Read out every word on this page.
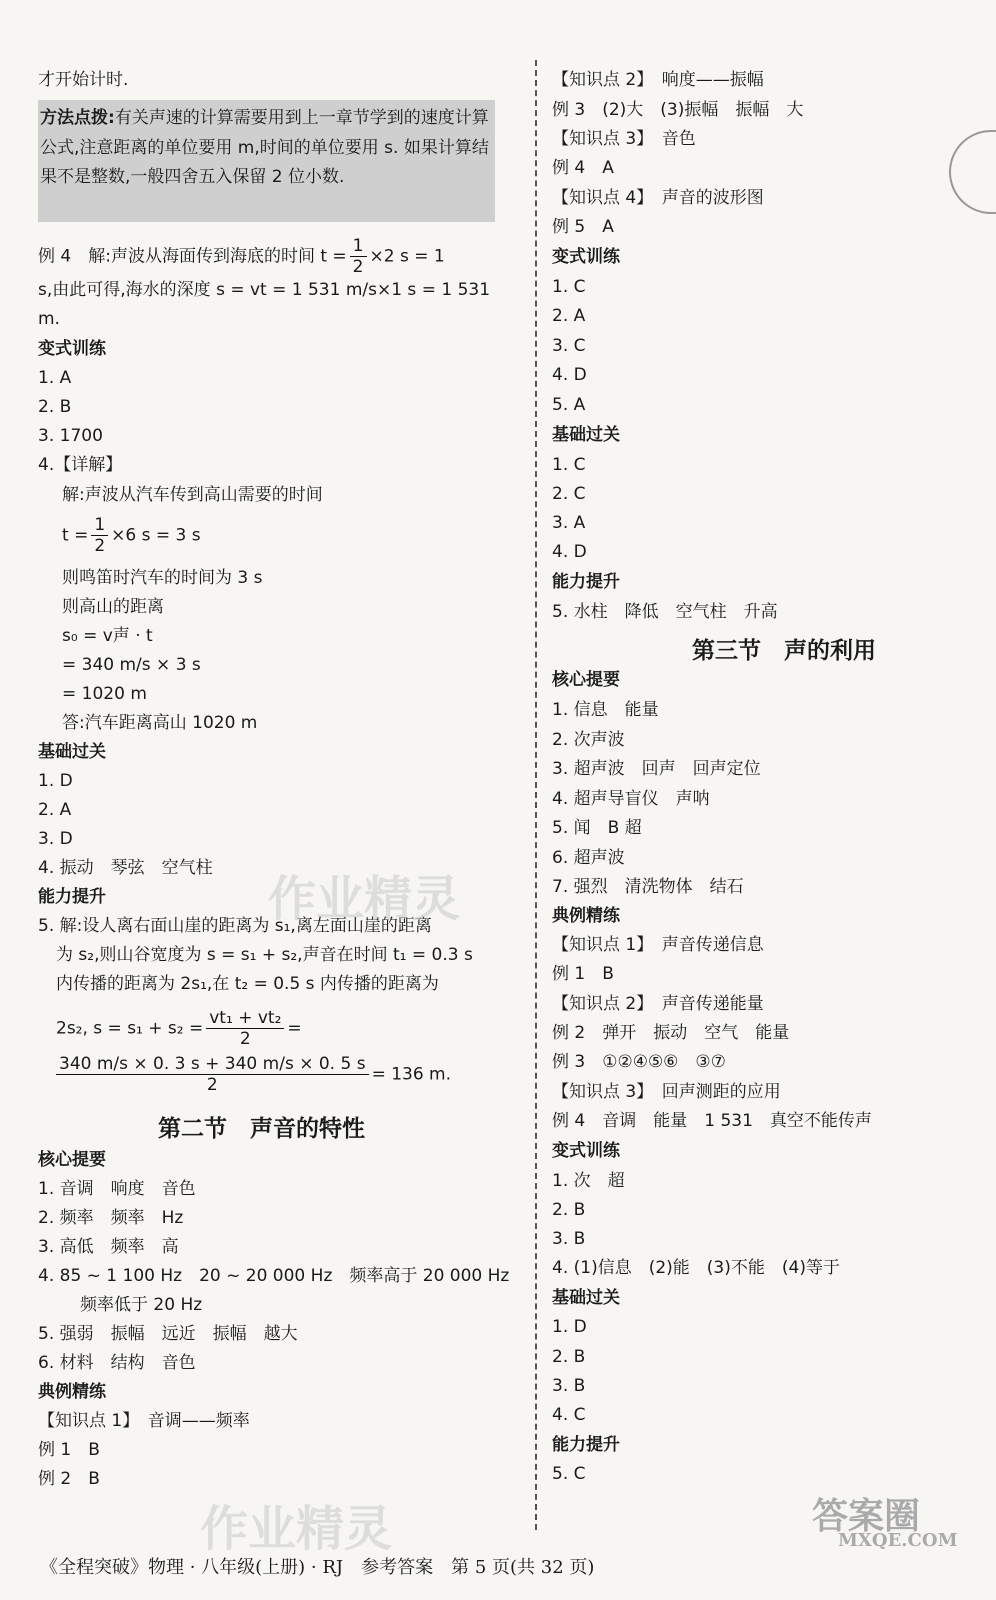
才开始计时.
方法点拨:有关声速的计算需要用到上一章节学到的速度计算公式,注意距离的单位要用 m,时间的单位要用 s. 如果计算结果不是整数,一般四舍五入保留 2 位小数.
例 4　解:声波从海面传到海底的时间 $t = \frac{1}{2} \times 2$ s = 1
s,由此可得,海水的深度 s = vt = 1 531 m/s×1 s = 1 531
m.
变式训练
1. A
2. B
3. 1700
4.【详解】
解:声波从汽车传到高山需要的时间
$t = \frac{1}{2} \times 6$ s = 3 s
则鸣笛时汽车的时间为 3 s
则高山的距离
s₀ = v声 · t
= 340 m/s × 3 s
= 1020 m
答:汽车距离高山 1020 m
基础过关
1. D
2. A
3. D
4. 振动　琴弦　空气柱
能力提升
5. 解:设人离右面山崖的距离为 s₁,离左面山崖的距离
为 s₂,则山谷宽度为 s = s₁ + s₂,声音在时间 t₁ = 0.3 s
内传播的距离为 2s₁,在 t₂ = 0.5 s 内传播的距离为
2s₂, $s = s_1 + s_2 = \frac{\text{vt₁ + vt₂}}{2}$ =
$\frac{340 m/s \times 0. 3 s + 340 m/s \times 0. 5 s}{2} = 136$ m.
第二节　声音的特性
核心提要
1. 音调　响度　音色
2. 频率　频率　Hz
3. 高低　频率　高
4. 85 ~ 1 100 Hz　20 ~ 20 000 Hz　频率高于 20 000 Hz
频率低于 20 Hz
5. 强弱　振幅　远近　振幅　越大
6. 材料　结构　音色
典例精练
【知识点 1】　音调——频率
例 1　B
例 2　B
【知识点 2】　响度——振幅
例 3　(2)大　(3)振幅　振幅　大
【知识点 3】　音色
例 4　A
【知识点 4】　声音的波形图
例 5　A
变式训练
1. C
2. A
3. C
4. D
5. A
基础过关
1. C
2. C
3. A
4. D
能力提升
5. 水柱　降低　空气柱　升高
第三节　声的利用
核心提要
1. 信息　能量
2. 次声波
3. 超声波　回声　回声定位
4. 超声导盲仪　声呐
5. 闻　B 超
6. 超声波
7. 强烈　清洗物体　结石
典例精练
【知识点 1】　声音传递信息
例 1　B
【知识点 2】　声音传递能量
例 2　弹开　振动　空气　能量
例 3　①②④⑤⑥　③⑦
【知识点 3】　回声测距的应用
例 4　音调　能量　1 531　真空不能传声
变式训练
1. 次　超
2. B
3. B
4. (1)信息　(2)能　(3)不能　(4)等于
基础过关
1. D
2. B
3. B
4. C
能力提升
5. C
作业精灵
作业精灵	答案圈
MXQE.COM
《全程突破》物理 · 八年级(上册) · RJ　参考答案　第 5 页(共 32 页)
